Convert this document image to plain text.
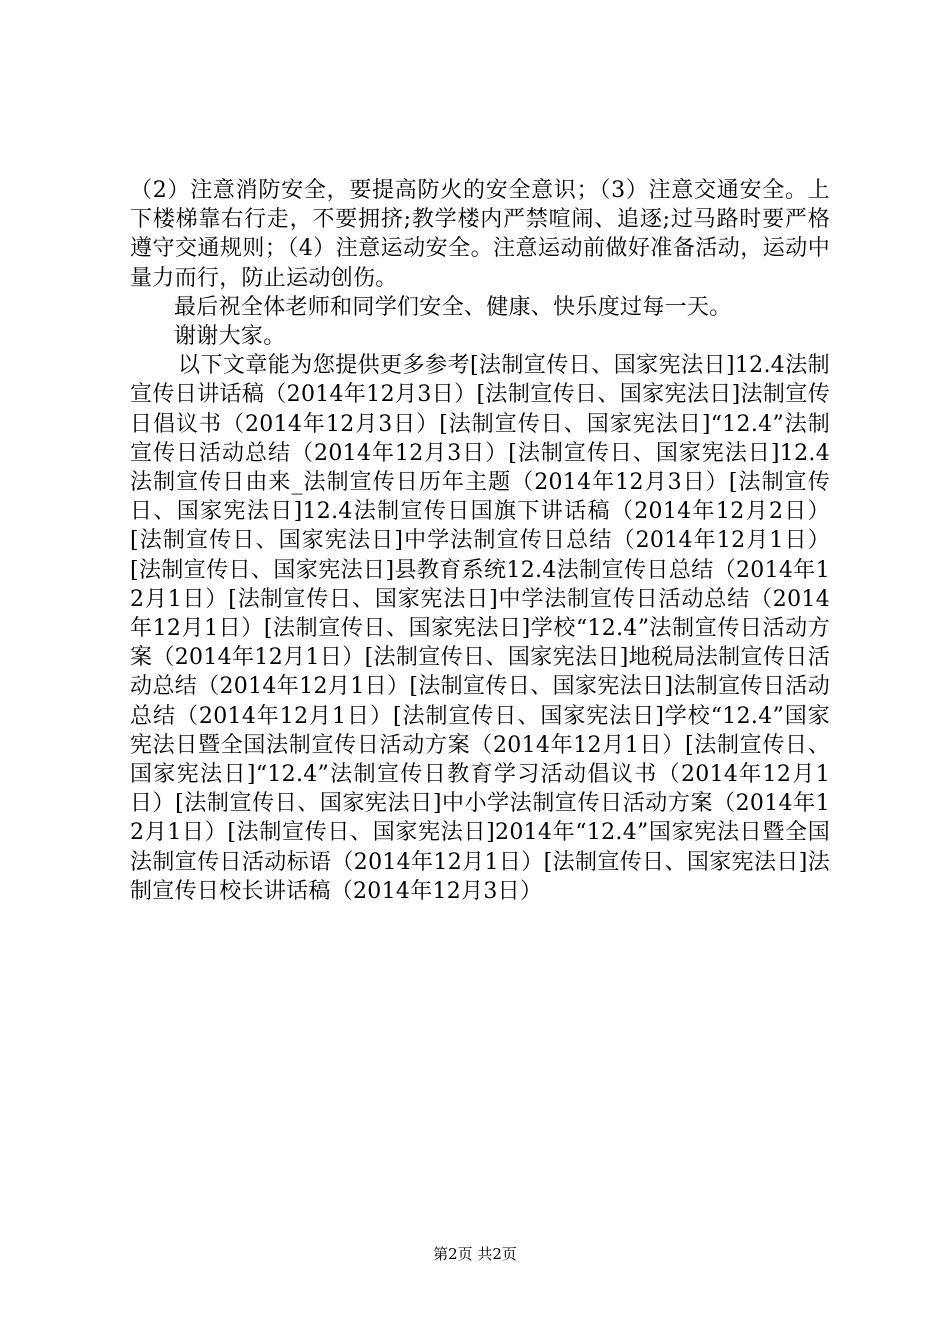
（2）注意消防安全，要提高防火的安全意识；（3）注意交通安全。上下楼梯靠右行走，不要拥挤;教学楼内严禁喧闹、追逐;过马路时要严格遵守交通规则；（4）注意运动安全。注意运动前做好准备活动，运动中量力而行，防止运动创伤。

最后祝全体老师和同学们安全、健康、快乐度过每一天。

谢谢大家。

以下文章能为您提供更多参考[法制宣传日、国家宪法日]12.4法制宣传日讲话稿（2014年12月3日）[法制宣传日、国家宪法日]法制宣传日倡议书（2014年12月3日）[法制宣传日、国家宪法日]“12.4”法制宣传日活动总结（2014年12月3日）[法制宣传日、国家宪法日]12.4法制宣传日由来_法制宣传日历年主题（2014年12月3日）[法制宣传日、国家宪法日]12.4法制宣传日国旗下讲话稿（2014年12月2日）[法制宣传日、国家宪法日]中学法制宣传日总结（2014年12月1日）[法制宣传日、国家宪法日]县教育系统12.4法制宣传日总结（2014年12月1日）[法制宣传日、国家宪法日]中学法制宣传日活动总结（2014年12月1日）[法制宣传日、国家宪法日]学校“12.4”法制宣传日活动方案（2014年12月1日）[法制宣传日、国家宪法日]地税局法制宣传日活动总结（2014年12月1日）[法制宣传日、国家宪法日]法制宣传日活动总结（2014年12月1日）[法制宣传日、国家宪法日]学校“12.4”国家宪法日暨全国法制宣传日活动方案（2014年12月1日）[法制宣传日、国家宪法日]“12.4”法制宣传日教育学习活动倡议书（2014年12月1日）[法制宣传日、国家宪法日]中小学法制宣传日活动方案（2014年12月1日）[法制宣传日、国家宪法日]2014年“12.4”国家宪法日暨全国法制宣传日活动标语（2014年12月1日）[法制宣传日、国家宪法日]法制宣传日校长讲话稿（2014年12月3日）

第2页 共2页
